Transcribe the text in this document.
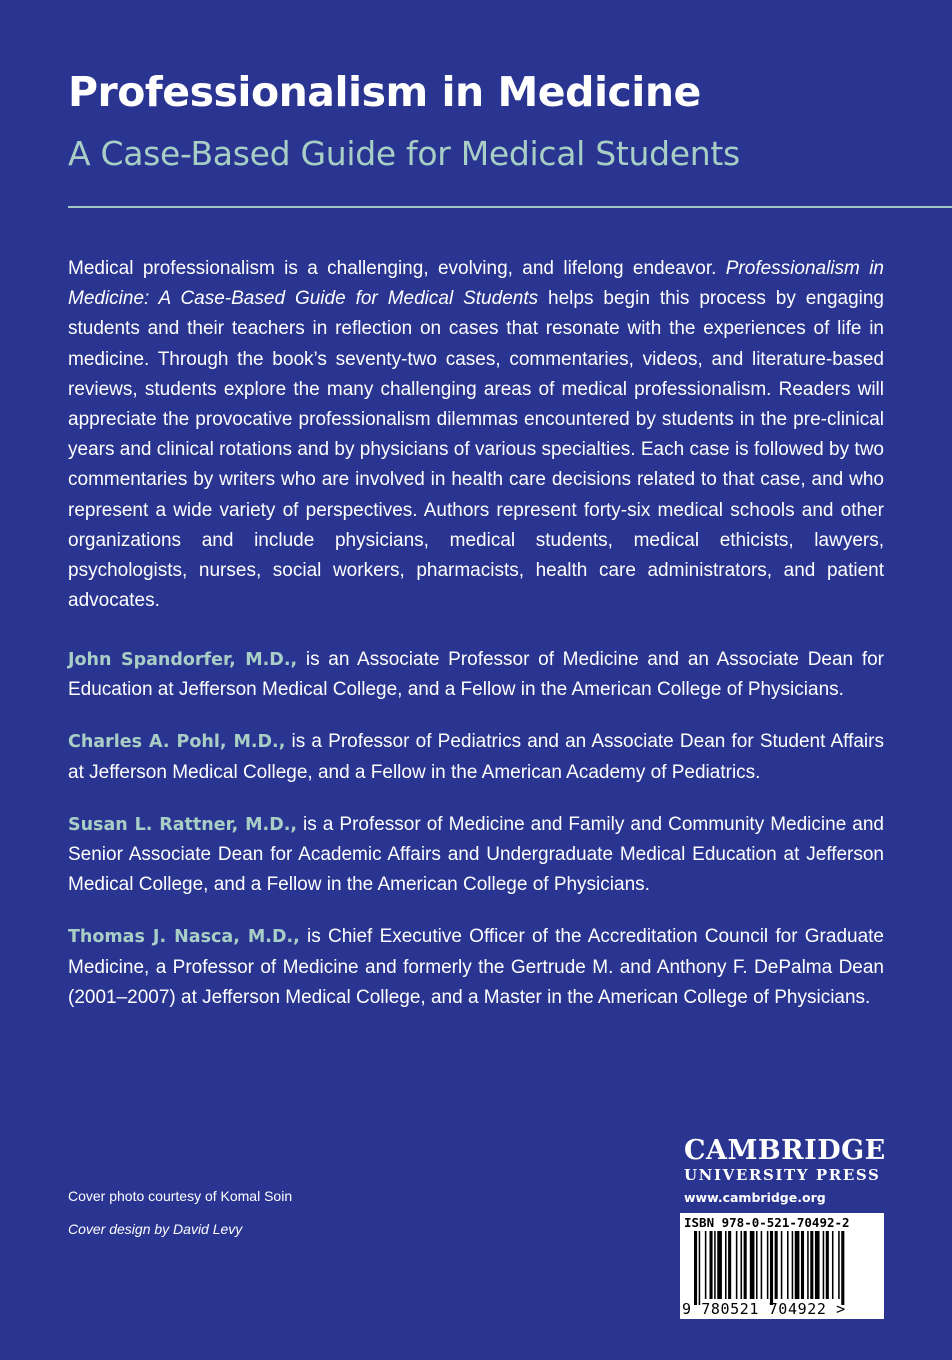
Professionalism in Medicine
A Case-Based Guide for Medical Students

Medical professionalism is a challenging, evolving, and lifelong endeavor. Professionalism in Medicine: A Case-Based Guide for Medical Students helps begin this process by engaging students and their teachers in reflection on cases that resonate with the experiences of life in medicine. Through the book’s seventy-two cases, commentaries, videos, and literature-based reviews, students explore the many challenging areas of medical professionalism. Readers will appreciate the provocative professionalism dilemmas encountered by students in the pre-clinical years and clinical rotations and by physicians of various specialties. Each case is followed by two commentaries by writers who are involved in health care decisions related to that case, and who represent a wide variety of perspectives. Authors represent forty-six medical schools and other organizations and include physicians, medical students, medical ethicists, lawyers, psychologists, nurses, social workers, pharmacists, health care administrators, and patient advocates.

John Spandorfer, M.D., is an Associate Professor of Medicine and an Associate Dean for Education at Jefferson Medical College, and a Fellow in the American College of Physicians.

Charles A. Pohl, M.D., is a Professor of Pediatrics and an Associate Dean for Student Affairs at Jefferson Medical College, and a Fellow in the American Academy of Pediatrics.

Susan L. Rattner, M.D., is a Professor of Medicine and Family and Community Medicine and Senior Associate Dean for Academic Affairs and Undergraduate Medical Education at Jefferson Medical College, and a Fellow in the American College of Physicians.

Thomas J. Nasca, M.D., is Chief Executive Officer of the Accreditation Council for Graduate Medicine, a Professor of Medicine and formerly the Gertrude M. and Anthony F. DePalma Dean (2001–2007) at Jefferson Medical College, and a Master in the American College of Physicians.

Cover photo courtesy of Komal Soin
Cover design by David Levy
CAMBRIDGE
UNIVERSITY PRESS
www.cambridge.org
ISBN 978-0-521-70492-2
9 780521 704922 >
